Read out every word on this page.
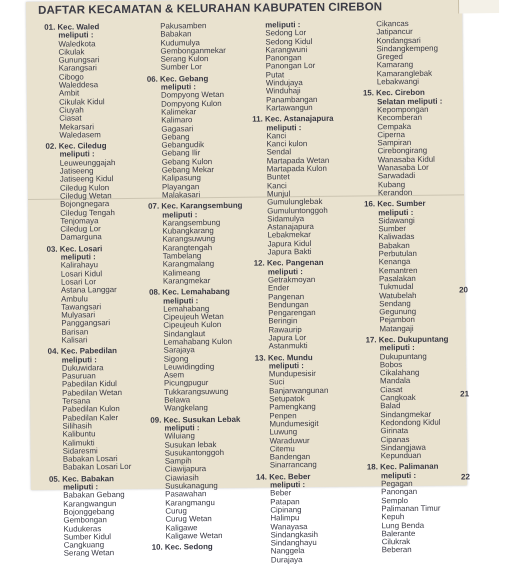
DAFTAR KECAMATAN & KELURAHAN KABUPATEN CIREBON
01. Kec. Waled
meliputi :
Waledkota
Cikulak
Gunungsari
Karangsari
Cibogo
Waleddesa
Ambit
Cikulak Kidul
Ciuyah
Ciasat
Mekarsari
Waledasem
02. Kec. Ciledug
meliputi :
Leuweunggajah
Jatiseeng
Jatiseeng Kidul
Ciledug Kulon
Ciledug Wetan
Bojongnegara
Ciledug Tengah
Tenjomaya
Ciledug Lor
Damarguna
03. Kec. Losari
meliputi :
Kalirahayu
Losari Kidul
Losari Lor
Astana Langgar
Ambulu
Tawangsari
Mulyasari
Panggangsari
Barisan
Kalisari
04. Kec. Pabedilan
meliputi :
Dukuwidara
Pasuruan
Pabedilan Kidul
Pabedilan Wetan
Tersana
Pabedilan Kulon
Pabedilan Kaler
Silihasih
Kalibuntu
Kalimukti
Sidaresmi
Babakan Losari
Babakan Losari Lor
05. Kec. Babakan
meliputi :
Babakan Gebang
Karangwangun
Bojonggebang
Gembongan
Kudukeras
Sumber Kidul
Cangkuang
Serang Wetan
Pakusamben
Babakan
Kudumulya
Gembonganmekar
Serang Kulon
Sumber Lor
06. Kec. Gebang
meliputi :
Dompyong Wetan
Dompyong Kulon
Kalimekar
Kalimaro
Gagasari
Gebang
Gebangudik
Gebang Ilir
Gebang Kulon
Gebang Mekar
Kalipasung
Playangan
Malakasari
07. Kec. Karangsembung
meliputi :
Karangsembung
Kubangkarang
Karangsuwung
Karangtengah
Tambelang
Karangmalang
Kalimeang
Karangmekar
08. Kec. Lemahabang
meliputi :
Lemahabang
Cipeujeuh Wetan
Cipeujeuh Kulon
Sindanglaut
Lemahabang Kulon
Sarajaya
Sigong
Leuwidingding
Asem
Picungpugur
Tukkarangsuwung
Belawa
Wangkelang
09. Kec. Susukan Lebak
meliputi :
Wiluiang
Susukan lebak
Susukantonggoh
Sampih
Ciawijapura
Ciawiasih
Susukanagung
Pasawahan
Karangmangu
Curug
Curug Wetan
Kaligawe
Kaligawe Wetan
10. Kec. Sedong
meliputi :
Sedong Lor
Sedong Kidul
Karangwuni
Panongan
Panongan Lor
Putat
Windujaya
Winduhaji
Panambangan
Kartawangun
11. Kec. Astanajapura
meliputi :
Kanci
Kanci kulon
Sendal
Martapada Wetan
Martapada Kulon
Buntet
Kanci
Munjul
Gumulunglebak
Gumuluntonggoh
Sidamulya
Astanajapura
Lebakmekar
Japura Kidul
Japura Bakti
12. Kec. Pangenan
meliputi :
Getrakmoyan
Ender
Pangenan
Bendungan
Pengarengan
Beringin
Rawaurip
Japura Lor
Astanmukti
13. Kec. Mundu
meliputi :
Mundupesisir
Suci
Banjarwangunan
Setupatok
Pamengkang
Penpen
Mundumesigit
Luwung
Waraduwur
Citemu
Bandengan
Sinarrancang
14. Kec. Beber
meliputi :
Beber
Patapan
Cipinang
Halimpu
Wanayasa
Sindangkasih
Sindanghayu
Nanggela
Durajaya
Cikancas
Jatipancur
Kondangsari
Sindangkempeng
Greged
Kamarang
Kamaranglebak
Lebakwangi
15. Kec. Cirebon
Selatan meliputi :
Kepompongan
Kecomberan
Cempaka
Ciperna
Sampiran
Cirebongirang
Wanasaba Kidul
Wanasaba Lor
Sarwadadi
Kubang
Kerandon
16. Kec. Sumber
meliputi :
Sidawangi
Sumber
Kaliwadas
Babakan
Perbutulan
Kenanga
Kemantren
Pasalakan
Tukmudal
Watubelah
Sendang
Gegunung
Pejambon
Matangaji
17. Kec. Dukupuntang
meliputi :
Dukupuntang
Bobos
Cikalahang
Mandala
Ciasat
Cangkoak
Balad
Sindangmekar
Kedondong Kidul
Girinata
Cipanas
Sindangjawa
Kepunduan
18. Kec. Palimanan
meliputi :
Pegagan
Panongan
Semplo
Palimanan Timur
Kepuh
Lung Benda
Balerante
Cilukrak
Beberan
20
21
22
